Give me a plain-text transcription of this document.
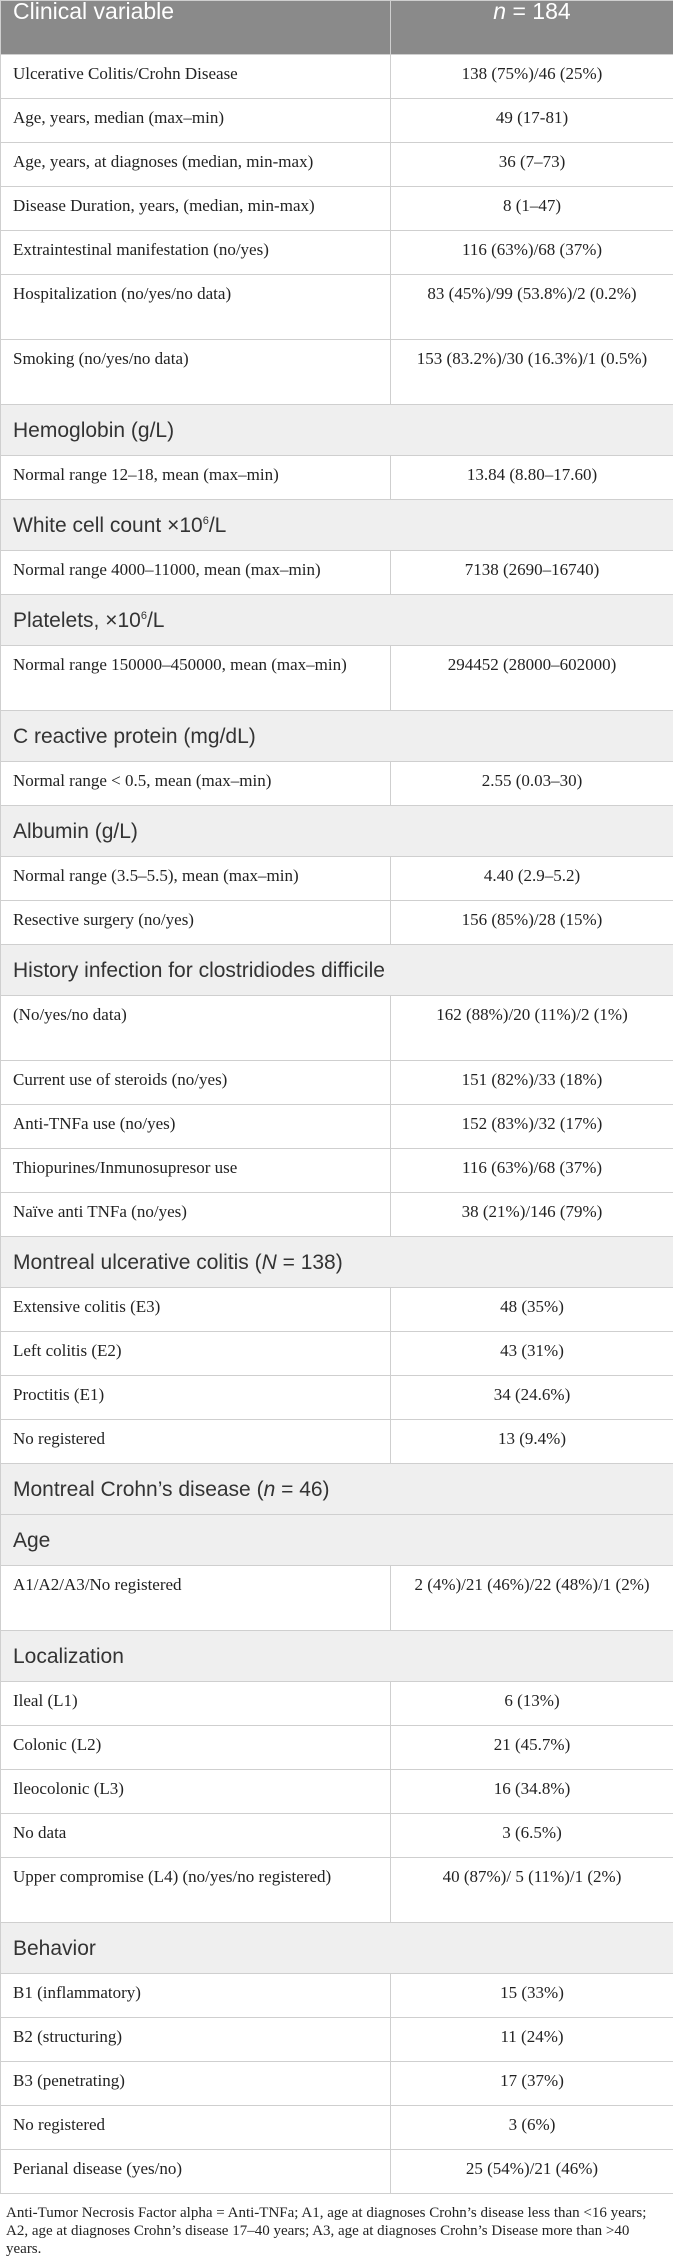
Clinical variable	n = 184
Ulcerative Colitis/Crohn Disease	138 (75%)/46 (25%)
Age, years, median (max–min)	49 (17-81)
Age, years, at diagnoses (median, min-max)	36 (7–73)
Disease Duration, years, (median, min-max)	8 (1–47)
Extraintestinal manifestation (no/yes)	116 (63%)/68 (37%)
Hospitalization (no/yes/no data)	83 (45%)/99 (53.8%)/2 (0.2%)
Smoking (no/yes/no data)	153 (83.2%)/30 (16.3%)/1 (0.5%)
Hemoglobin (g/L)	
Normal range 12–18, mean (max–min)	13.84 (8.80–17.60)
White cell count $\times 10^6/L$	
Normal range 4000–11000, mean (max–min)	7138 (2690–16740)
Platelets, $\times 10^6/L$	
Normal range 150000–450000, mean (max–min)	294452 (28000–602000)
C reactive protein (mg/dL)	
Normal range < 0.5, mean (max–min)	2.55 (0.03–30)
Albumin (g/L)	
Normal range (3.5–5.5), mean (max–min)	4.40 (2.9–5.2)
Resective surgery (no/yes)	156 (85%)/28 (15%)
History infection for clostridiodes difficile	
(No/yes/no data)	162 (88%)/20 (11%)/2 (1%)
Current use of steroids (no/yes)	151 (82%)/33 (18%)
Anti-TNFa use (no/yes)	152 (83%)/32 (17%)
Thiopurines/Inmunosupresor use	116 (63%)/68 (37%)
Naïve anti TNFa (no/yes)	38 (21%)/146 (79%)
Montreal ulcerative colitis (N = 138)	
Extensive colitis (E3)	48 (35%)
Left colitis (E2)	43 (31%)
Proctitis (E1)	34 (24.6%)
No registered	13 (9.4%)
Montreal Crohn’s disease (n = 46)	
Age	
A1/A2/A3/No registered	2 (4%)/21 (46%)/22 (48%)/1 (2%)
Localization	
Ileal (L1)	6 (13%)
Colonic (L2)	21 (45.7%)
Ileocolonic (L3)	16 (34.8%)
No data	3 (6.5%)
Upper compromise (L4) (no/yes/no registered)	40 (87%)/ 5 (11%)/1 (2%)
Behavior	
B1 (inflammatory)	15 (33%)
B2 (structuring)	11 (24%)
B3 (penetrating)	17 (37%)
No registered	3 (6%)
Perianal disease (yes/no)	25 (54%)/21 (46%)
Anti-Tumor Necrosis Factor alpha = Anti-TNFa; A1, age at diagnoses Crohn’s disease less than <16 years; A2, age at diagnoses Crohn’s disease 17–40 years; A3, age at diagnoses Crohn’s Disease more than >40 years.
